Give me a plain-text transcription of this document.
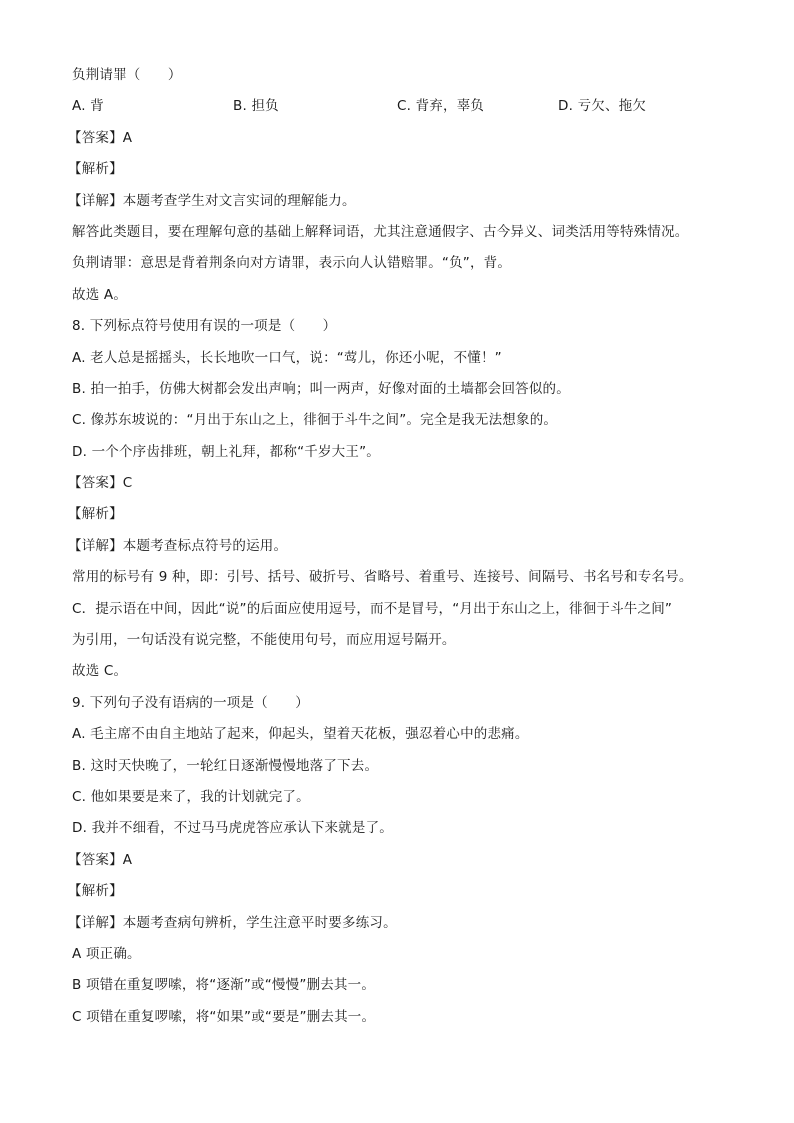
负荆请罪（　　）
A. 背	B. 担负	C. 背弃，辜负	D. 亏欠、拖欠
【答案】A
【解析】
【详解】本题考查学生对文言实词的理解能力。
解答此类题目，要在理解句意的基础上解释词语，尤其注意通假字、古今异义、词类活用等特殊情况。
负荆请罪：意思是背着荆条向对方请罪，表示向人认错赔罪。“负”，背。
故选 A。
8. 下列标点符号使用有误的一项是（　　）
A. 老人总是摇摇头，长长地吹一口气，说：“莺儿，你还小呢，不懂！”
B. 拍一拍手，仿佛大树都会发出声响；叫一两声，好像对面的土墙都会回答似的。
C. 像苏东坡说的：“月出于东山之上，徘徊于斗牛之间”。完全是我无法想象的。
D. 一个个序齿排班，朝上礼拜，都称“千岁大王”。
【答案】C
【解析】
【详解】本题考查标点符号的运用。
常用的标号有 9 种，即：引号、括号、破折号、省略号、着重号、连接号、间隔号、书名号和专名号。
C．提示语在中间，因此“说”的后面应使用逗号，而不是冒号，“月出于东山之上，徘徊于斗牛之间”
为引用，一句话没有说完整，不能使用句号，而应用逗号隔开。
故选 C。
9. 下列句子没有语病的一项是（　　）
A. 毛主席不由自主地站了起来，仰起头，望着天花板，强忍着心中的悲痛。
B. 这时天快晚了，一轮红日逐渐慢慢地落了下去。
C. 他如果要是来了，我的计划就完了。
D. 我并不细看，不过马马虎虎答应承认下来就是了。
【答案】A
【解析】
【详解】本题考查病句辨析，学生注意平时要多练习。
A 项正确。
B 项错在重复啰嗦，将“逐渐”或“慢慢”删去其一。
C 项错在重复啰嗦，将“如果”或“要是”删去其一。
